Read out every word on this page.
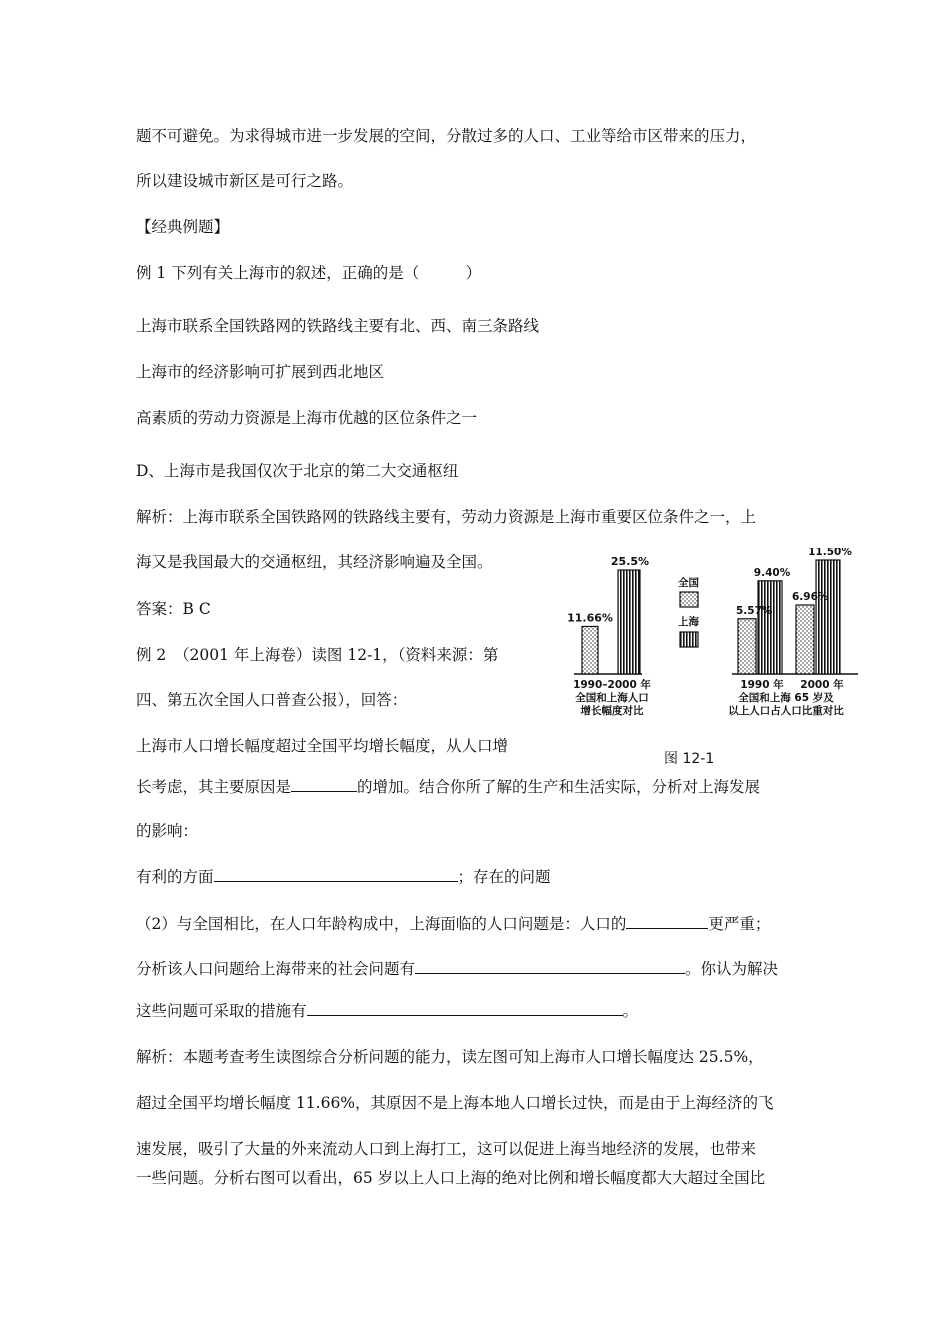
题不可避免。为求得城市进一步发展的空间，分散过多的人口、工业等给市区带来的压力，
所以建设城市新区是可行之路。
【经典例题】
例 1 下列有关上海市的叙述，正确的是（　　　）
上海市联系全国铁路网的铁路线主要有北、西、南三条路线
上海市的经济影响可扩展到西北地区
高素质的劳动力资源是上海市优越的区位条件之一
D、上海市是我国仅次于北京的第二大交通枢纽
解析：上海市联系全国铁路网的铁路线主要有，劳动力资源是上海市重要区位条件之一，上
海又是我国最大的交通枢纽，其经济影响遍及全国。
答案：B C
例 2　（2001 年上海卷）读图 12-1，（资料来源：第
四、第五次全国人口普查公报），回答：
上海市人口增长幅度超过全国平均增长幅度，从人口增
长考虑，其主要原因是	的增加。结合你所了解的生产和生活实际，分析对上海发展
的影响：
有利的方面	；存在的问题
（2）与全国相比，在人口年龄构成中，上海面临的人口问题是：人口的	更严重；
分析该人口问题给上海带来的社会问题有	。你认为解决
这些问题可采取的措施有	。
解析：本题考查考生读图综合分析问题的能力，读左图可知上海市人口增长幅度达 25.5%，
超过全国平均增长幅度 11.66%，其原因不是上海本地人口增长过快，而是由于上海经济的飞
速发展，吸引了大量的外来流动人口到上海打工，这可以促进上海当地经济的发展，也带来
一些问题。分析右图可以看出，65 岁以上人口上海的绝对比例和增长幅度都大大超过全国比
11.66%
25.5%
1990–2000 年
全国和上海人口
增长幅度对比
全国
上海
5.57%
9.40%
6.96%
11.50%
1990 年 2000 年
全国和上海 65 岁及
以上人口占人口比重对比
图 12-1
